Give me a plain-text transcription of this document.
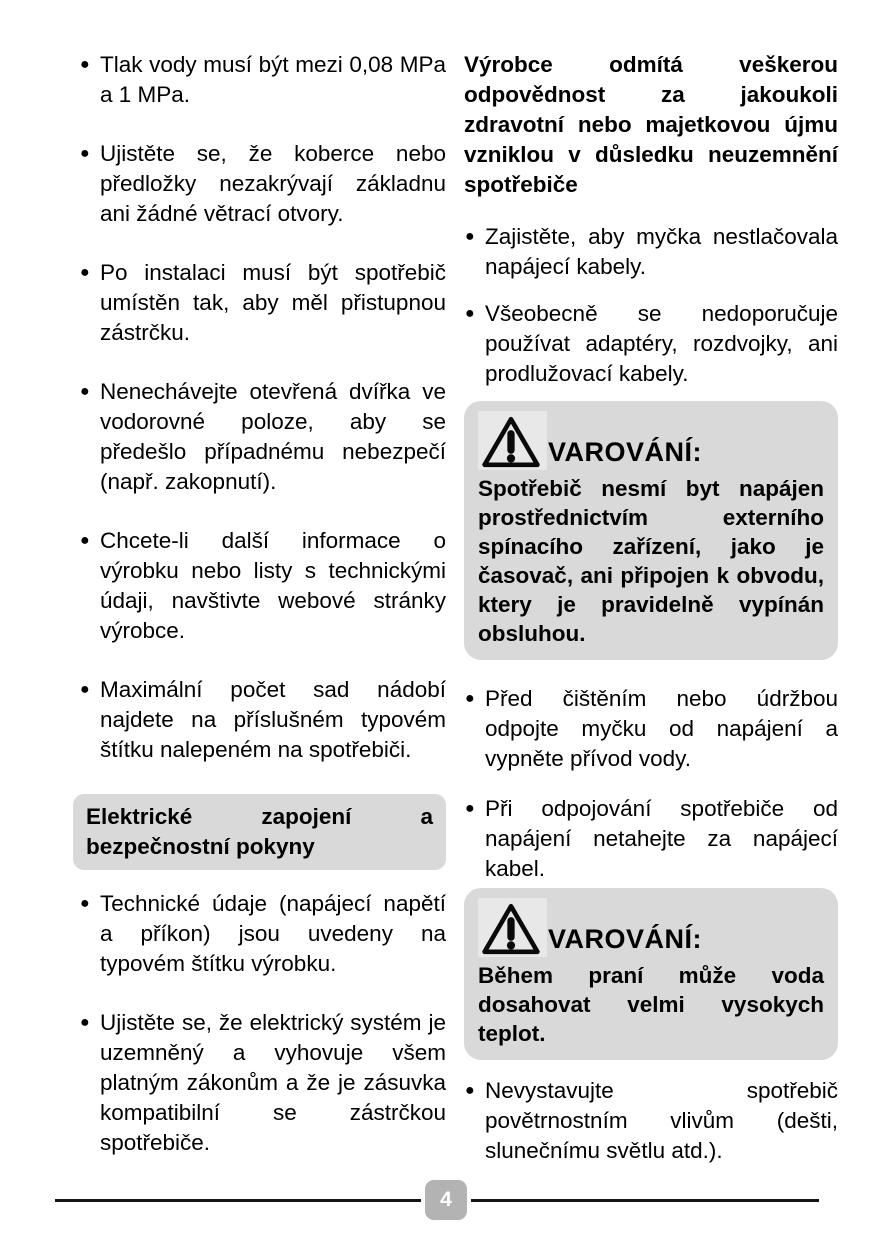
● Tlak vody musí být mezi 0,08 MPa a 1 MPa.
● Ujistěte se, že koberce nebo předložky nezakrývají základnu ani žádné větrací otvory.
● Po instalaci musí být spotřebič umístěn tak, aby měl přistupnou zástrčku.
● Nenechávejte otevřená dvířka ve vodorovné poloze, aby se předešlo případnému nebezpečí (např. zakopnutí).
● Chcete-li další informace o výrobku nebo listy s technickými údaji, navštivte webové stránky výrobce.
● Maximální počet sad nádobí najdete na příslušném typovém štítku nalepeném na spotřebiči.
Elektrické zapojení a bezpečnostní pokyny
● Technické údaje (napájecí napětí a příkon) jsou uvedeny na typovém štítku výrobku.
● Ujistěte se, že elektrický systém je uzemněný a vyhovuje všem platným zákonům a že je zásuvka kompatibilní se zástrčkou spotřebiče.
Výrobce odmítá veškerou odpovědnost za jakoukoli zdravotní nebo majetkovou újmu vzniklou v důsledku neuzemnění spotřebiče
● Zajistěte, aby myčka nestlačovala napájecí kabely.
● Všeobecně se nedoporučuje používat adaptéry, rozdvojky, ani prodlužovací kabely.
VAROVÁNÍ:
Spotřebič nesmí byt napájen prostřednictvím externího spínacího zařízení, jako je časovač, ani připojen k obvodu, ktery je pravidelně vypínán obsluhou.
● Před čištěním nebo údržbou odpojte myčku od napájení a vypněte přívod vody.
● Při odpojování spotřebiče od napájení netahejte za napájecí kabel.
VAROVÁNÍ:
Během praní může voda dosahovat velmi vysokych teplot.
● Nevystavujte spotřebič povětrnostním vlivům (dešti, slunečnímu světlu atd.).
4
